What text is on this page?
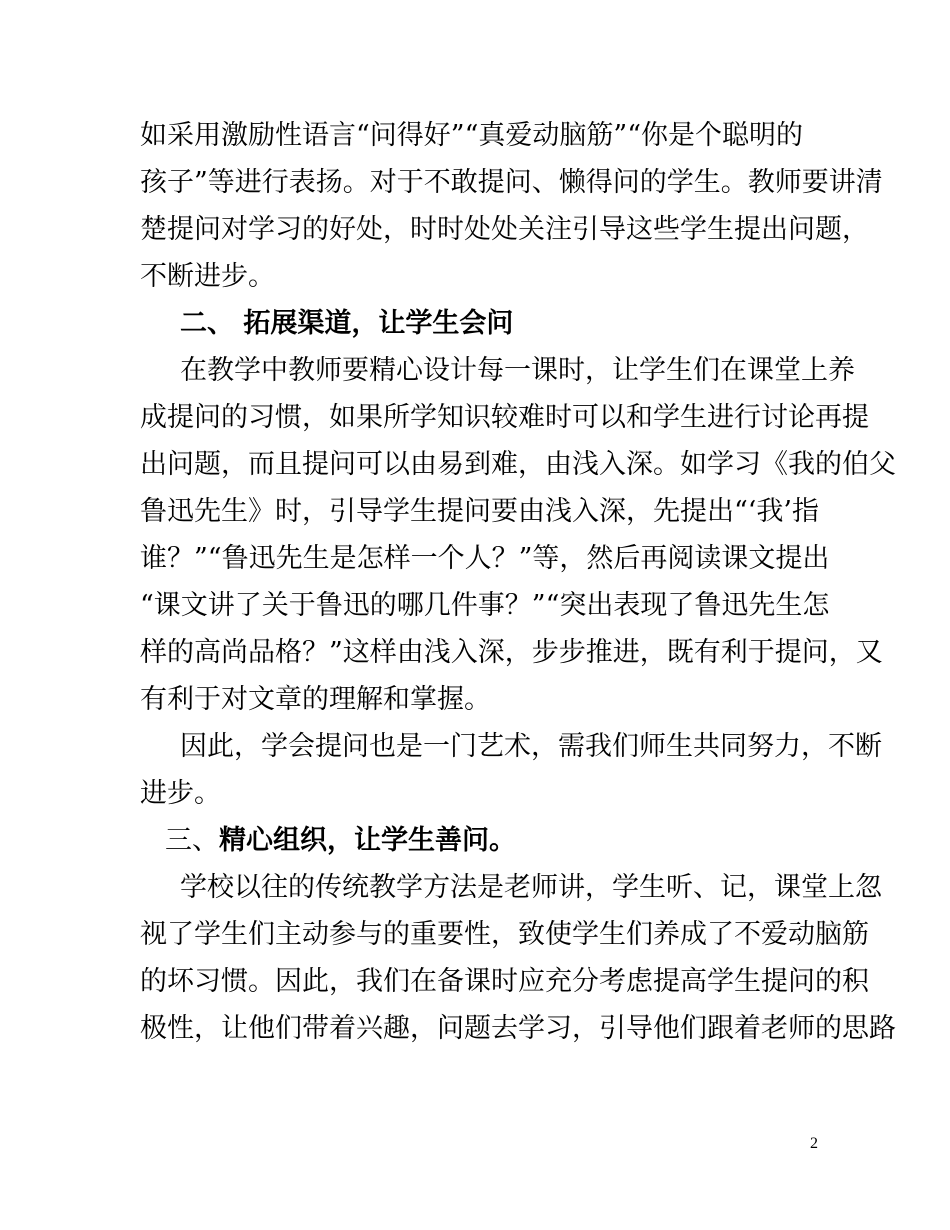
如采用激励性语言“问得好”“真爱动脑筋”“你是个聪明的
孩子”等进行表扬。对于不敢提问、懒得问的学生。教师要讲清
楚提问对学习的好处，时时处处关注引导这些学生提出问题，
不断进步。
二、 拓展渠道，让学生会问
在教学中教师要精心设计每一课时，让学生们在课堂上养
成提问的习惯，如果所学知识较难时可以和学生进行讨论再提
出问题，而且提问可以由易到难，由浅入深。如学习《我的伯父
鲁迅先生》时，引导学生提问要由浅入深，先提出“‘我’指
谁？”“鲁迅先生是怎样一个人？”等，然后再阅读课文提出
“课文讲了关于鲁迅的哪几件事？”“突出表现了鲁迅先生怎
样的高尚品格？”这样由浅入深，步步推进，既有利于提问，又
有利于对文章的理解和掌握。
因此，学会提问也是一门艺术，需我们师生共同努力，不断
进步。
三、精心组织，让学生善问。
学校以往的传统教学方法是老师讲，学生听、记，课堂上忽
视了学生们主动参与的重要性，致使学生们养成了不爱动脑筋
的坏习惯。因此，我们在备课时应充分考虑提高学生提问的积
极性，让他们带着兴趣，问题去学习，引导他们跟着老师的思路
2
